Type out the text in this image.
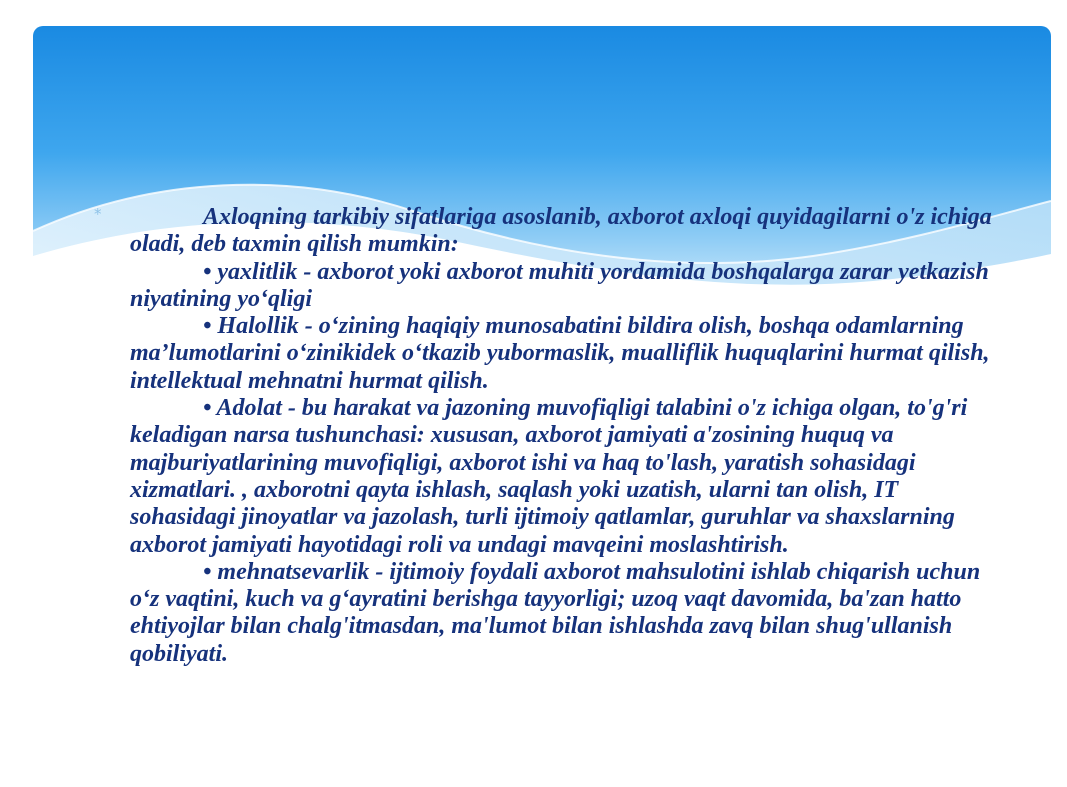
*	Axloqning tarkibiy sifatlariga asoslanib, axborot axloqi quyidagilarni o'z ichiga oladi, deb taxmin qilish mumkin:

• yaxlitlik - axborot yoki axborot muhiti yordamida boshqalarga zarar yetkazish niyatining yo‘qligi

• Halollik - o‘zining haqiqiy munosabatini bildira olish, boshqa odamlarning ma’lumotlarini o‘zinikidek o‘tkazib yubormaslik, mualliflik huquqlarini hurmat qilish, intellektual mehnatni hurmat qilish.

• Adolat - bu harakat va jazoning muvofiqligi talabini o'z ichiga olgan, to'g'ri keladigan narsa tushunchasi: xususan, axborot jamiyati a'zosining huquq va majburiyatlarining muvofiqligi, axborot ishi va haq to'lash, yaratish sohasidagi xizmatlari. , axborotni qayta ishlash, saqlash yoki uzatish, ularni tan olish, IT sohasidagi jinoyatlar va jazolash, turli ijtimoiy qatlamlar, guruhlar va shaxslarning axborot jamiyati hayotidagi roli va undagi mavqeini moslashtirish.

• mehnatsevarlik - ijtimoiy foydali axborot mahsulotini ishlab chiqarish uchun o‘z vaqtini, kuch va g‘ayratini berishga tayyorligi; uzoq vaqt davomida, ba'zan hatto ehtiyojlar bilan chalg'itmasdan, ma'lumot bilan ishlashda zavq bilan shug'ullanish qobiliyati.
